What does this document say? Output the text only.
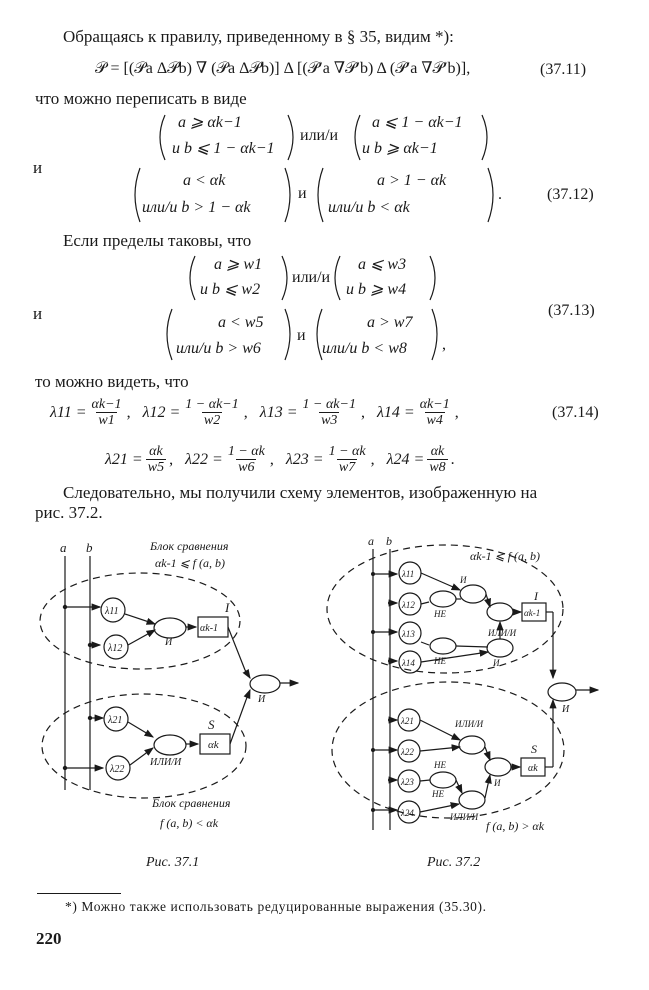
Обращаясь к правилу, приведенному в § 35, видим *):
𝒫 = [(𝒫a Δ𝒫b) ∇ (𝒫a Δ𝒫b)] Δ [(𝒫′a ∇𝒫′b) Δ (𝒫′a ∇𝒫′b)],	(37.11)
что можно переписать в виде
a ⩾ αk−1
и b ⩽ 1 − αk−1
или/и
a ⩽ 1 − αk−1
и b ⩾ αk−1
и
a < αk
или/и b > 1 − αk
и
a > 1 − αk
или/и b < αk
.	(37.12)
Если пределы таковы, что
a ⩾ w1
и b ⩽ w2
или/и
a ⩽ w3
и b ⩾ w4
и	a < w5
или/и b > w6
и
a > w7
или/и b < w8 ,
(37.13)
то можно видеть, что
$\lambda 11 = \frac{\alpha k-1}{w1}$ , $\lambda 12 = \frac{1 - \alpha k-1}{w2}$ , $\lambda 13 = \frac{1 - \alpha k-1}{w3}$ , $\lambda 14 = \frac{\alpha k-1}{w4}$ ,	(37.14)
$\lambda 21 = \frac{\alpha k}{w5}$ , $\lambda 22 = \frac{1 - \alpha k}{w6}$ , $\lambda 23 = \frac{1 - \alpha k}{w7}$ , $\lambda 24 = \frac{\alpha k}{w8}$ .
Следовательно, мы получили схему элементов, изображенную на
рис. 37.2.
a b	Блок сравнения
αk-1 ⩽ f (a, b)
λ11
λ12
И
αk-1
I
λ21
λ22
ИЛИ/И
αk
S
И
Блок сравнения
f (a, b) < αk
Рис. 37.1
a b
αk-1 ⩽ f (a, b)
λ11
λ12
λ13
λ14
И
НЕ
НЕ
ИЛИ/И
И
αk-1
I
И
λ21
λ22
λ23
λ24
ИЛИ/И
НЕ
НЕ
ИЛИ/И
И
αk
S
f (a, b) > αk
Рис. 37.2
*) Можно также использовать редуцированные выражения (35.30).
220
